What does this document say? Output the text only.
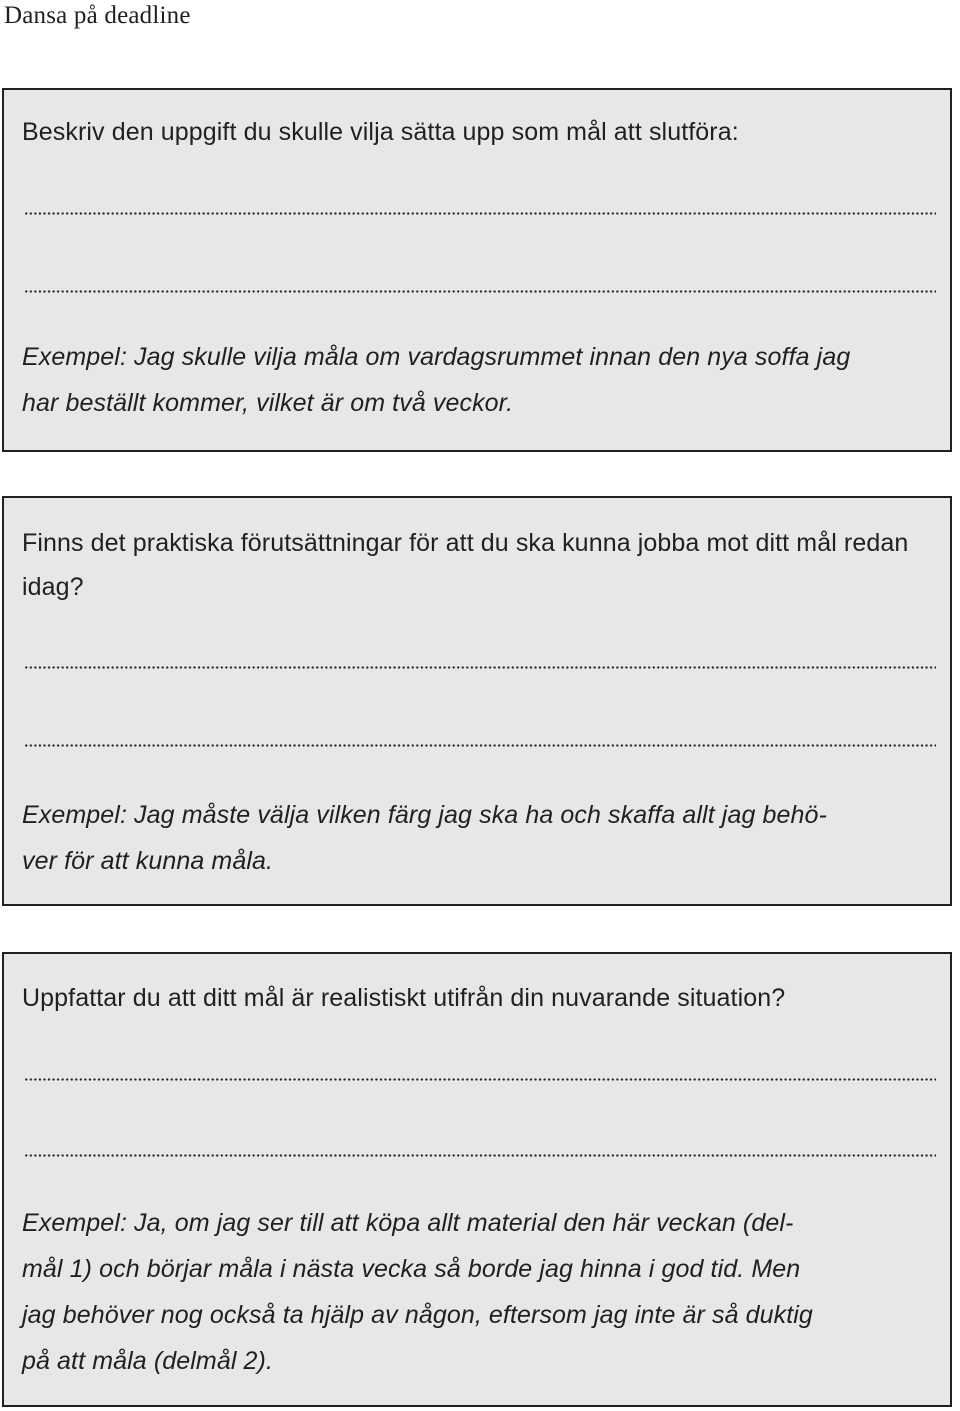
Dansa på deadline

Beskriv den uppgift du skulle vilja sätta upp som mål att slutföra:

Exempel: Jag skulle vilja måla om vardagsrummet innan den nya soffa jag
har beställt kommer, vilket är om två veckor.

Finns det praktiska förutsättningar för att du ska kunna jobba mot ditt mål redan idag?

Exempel: Jag måste välja vilken färg jag ska ha och skaffa allt jag behö-
ver för att kunna måla.

Uppfattar du att ditt mål är realistiskt utifrån din nuvarande situation?

Exempel: Ja, om jag ser till att köpa allt material den här veckan (del-
mål 1) och börjar måla i nästa vecka så borde jag hinna i god tid. Men
jag behöver nog också ta hjälp av någon, eftersom jag inte är så duktig
på att måla (delmål 2).
